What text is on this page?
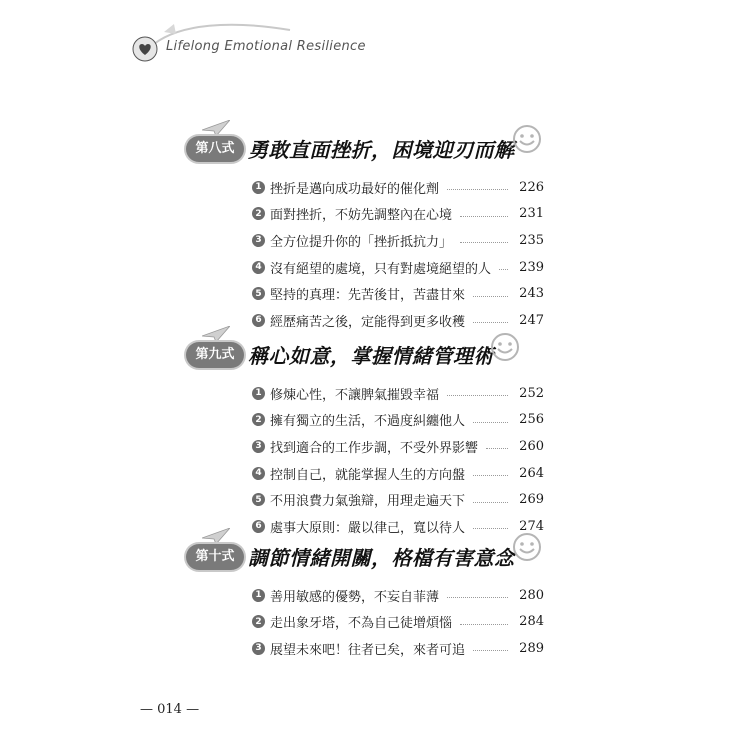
Lifelong Emotional Resilience
第八式 勇敢直面挫折，困境迎刃而解
1 挫折是邁向成功最好的催化劑	226
2 面對挫折，不妨先調整內在心境	231
3 全方位提升你的「挫折抵抗力」	235
4 沒有絕望的處境，只有對處境絕望的人 239
5 堅持的真理：先苦後甘，苦盡甘來	243
6 經歷痛苦之後，定能得到更多收穫	247
第九式 稱心如意，掌握情緒管理術
1 修煉心性，不讓脾氣摧毀幸福	252
2 擁有獨立的生活，不過度糾纏他人	256
3 找到適合的工作步調，不受外界影響	260
4 控制自己，就能掌握人生的方向盤	264
5 不用浪費力氣強辯，用理走遍天下	269
6 處事大原則：嚴以律己，寬以待人	274
第十式 調節情緒開關，格檔有害意念
1 善用敏感的優勢，不妄自菲薄	280
2 走出象牙塔，不為自己徒增煩惱	284
3 展望未來吧！往者已矣，來者可追	289
— 014 —
